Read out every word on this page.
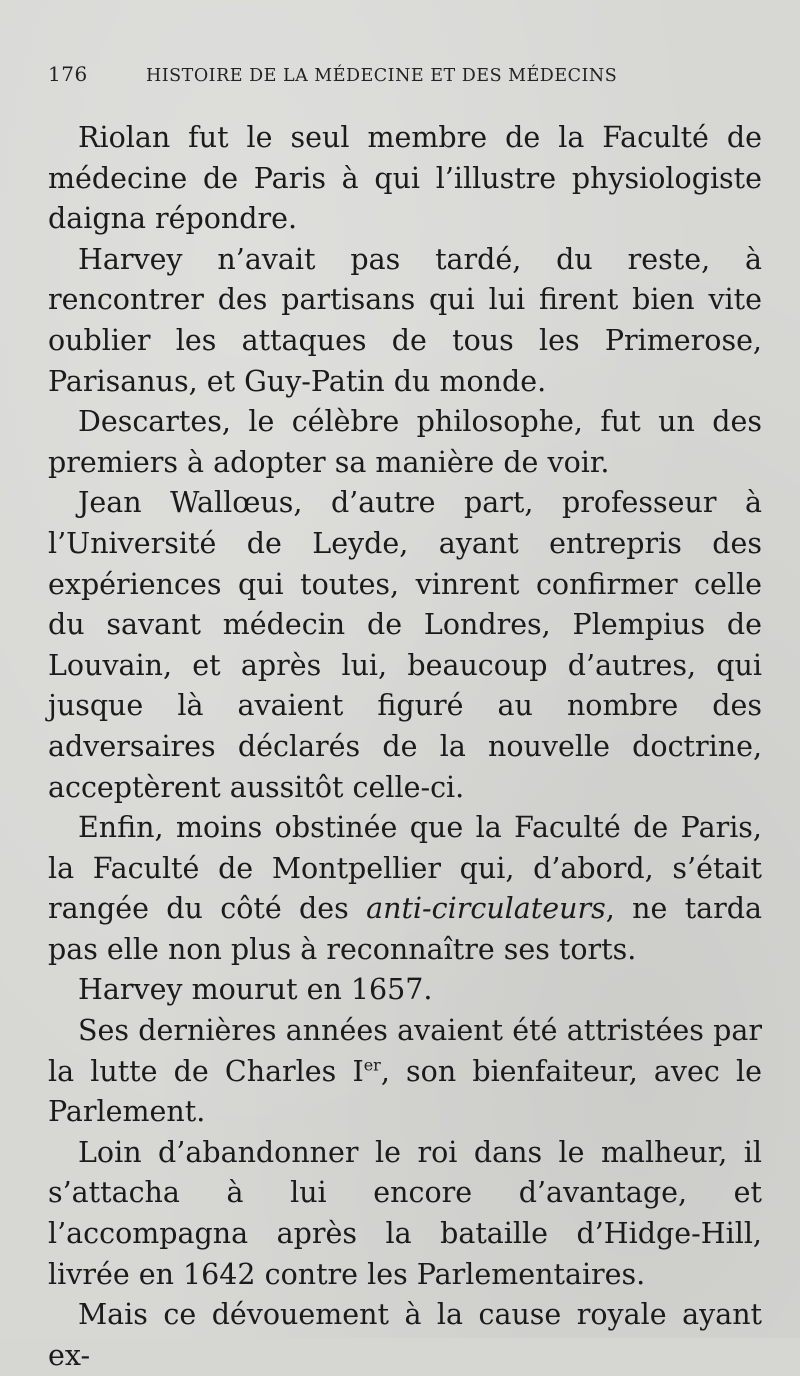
176	HISTOIRE DE LA MÉDECINE ET DES MÉDECINS

Riolan fut le seul membre de la Faculté de médecine de Paris à qui l’illustre physiologiste daigna répondre.

Harvey n’avait pas tardé, du reste, à rencontrer des partisans qui lui firent bien vite oublier les attaques de tous les Primerose, Parisanus, et Guy-Patin du monde.

Descartes, le célèbre philosophe, fut un des premiers à adopter sa manière de voir.

Jean Wallœus, d’autre part, professeur à l’Université de Leyde, ayant entrepris des expériences qui toutes, vinrent confirmer celle du savant médecin de Londres, Plempius de Louvain, et après lui, beaucoup d’autres, qui jusque là avaient figuré au nombre des adversaires déclarés de la nouvelle doctrine, acceptèrent aussitôt celle-ci.

Enfin, moins obstinée que la Faculté de Paris, la Faculté de Montpellier qui, d’abord, s’était rangée du côté des anti-circulateurs, ne tarda pas elle non plus à reconnaître ses torts.

Harvey mourut en 1657.

Ses dernières années avaient été attristées par la lutte de Charles Ier, son bienfaiteur, avec le Parlement.

Loin d’abandonner le roi dans le malheur, il s’attacha à lui encore d’avantage, et l’accompagna après la bataille d’Hidge-Hill, livrée en 1642 contre les Parlementaires.

Mais ce dévouement à la cause royale ayant ex-
